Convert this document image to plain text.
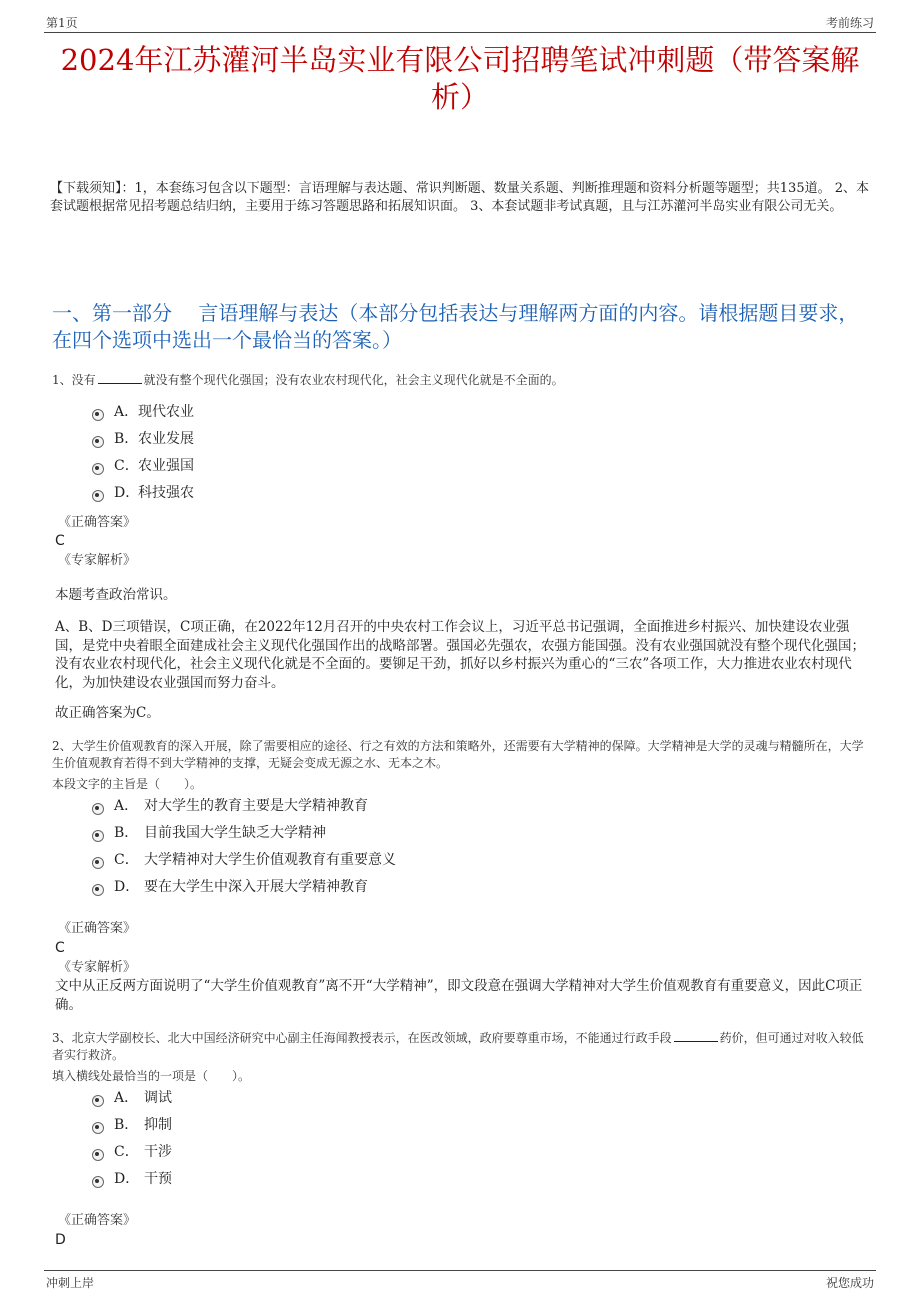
第1页	考前练习
2024年江苏灌河半岛实业有限公司招聘笔试冲刺题（带答案解析）
【下载须知】：1，本套练习包含以下题型：言语理解与表达题、常识判断题、数量关系题、判断推理题和资料分析题等题型；共135道。 2、本套试题根据常见招考题总结归纳，主要用于练习答题思路和拓展知识面。 3、本套试题非考试真题，且与江苏灌河半岛实业有限公司无关。
一、第一部分　 言语理解与表达（本部分包括表达与理解两方面的内容。请根据题目要求，在四个选项中选出一个最恰当的答案。）
1、没有	就没有整个现代化强国；没有农业农村现代化，社会主义现代化就是不全面的。
A． 现代农业
B． 农业发展
C． 农业强国
D．
科技强农
《正确答案》
C
《专家解析》
本题考查政治常识。
A、B、D三项错误，C项正确，在2022年12月召开的中央农村工作会议上，习近平总书记强调，全面推进乡村振兴、加快建设农业强国，是党中央着眼全面建成社会主义现代化强国作出的战略部署。强国必先强农，农强方能国强。没有农业强国就没有整个现代化强国；没有农业农村现代化，社会主义现代化就是不全面的。要铆足干劲，抓好以乡村振兴为重心的“三农”各项工作，大力推进农业农村现代化，为加快建设农业强国而努力奋斗。
故正确答案为C。
2、大学生价值观教育的深入开展，除了需要相应的途径、行之有效的方法和策略外，还需要有大学精神的保障。大学精神是大学的灵魂与精髓所在，大学生价值观教育若得不到大学精神的支撑，无疑会变成无源之水、无本之木。
本段文字的主旨是（　　）。
A． 对大学生的教育主要是大学精神教育
B． 目前我国大学生缺乏大学精神
C． 大学精神对大学生价值观教育有重要意义
D． 要在大学生中深入开展大学精神教育
《正确答案》
C
《专家解析》
文中从正反两方面说明了“大学生价值观教育”离不开“大学精神”，即文段意在强调大学精神对大学生价值观教育有重要意义，因此C项正确。
3、北京大学副校长、北大中国经济研究中心副主任海闻教授表示，在医改领域，政府要尊重市场，不能通过行政手段	药价，但可通过对收入较低者实行救济。
填入横线处最恰当的一项是（　　）。
A． 调试
B． 抑制
C． 干涉
D． 干预
《正确答案》
D
冲刺上岸	祝您成功
